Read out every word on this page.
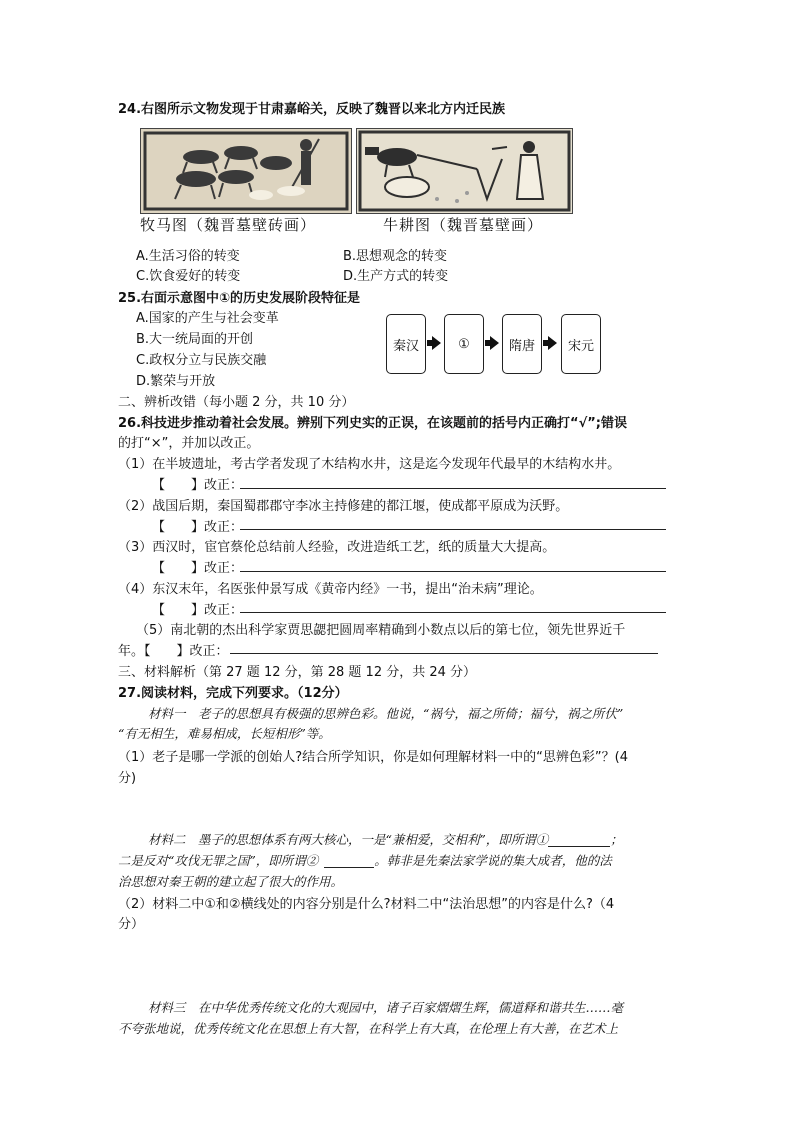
24.右图所示文物发现于甘肃嘉峪关，反映了魏晋以来北方内迁民族
牧马图（魏晋墓壁砖画）	牛耕图（魏晋墓壁画）
A.生活习俗的转变	B.思想观念的转变
C.饮食爱好的转变	D.生产方式的转变
25.右面示意图中①的历史发展阶段特征是
A.国家的产生与社会变革
B.大一统局面的开创
C.政权分立与民族交融
D.繁荣与开放
秦汉	①	隋唐	宋元
二、辨析改错（每小题 2 分，共 10 分）
26.科技进步推动着社会发展。辨别下列史实的正误，在该题前的括号内正确打“√”;错误
的打“×”，并加以改正。
（1）在半坡遗址，考古学者发现了木结构水井，这是迄今发现年代最早的木结构水井。
【　　】改正：
（2）战国后期，秦国蜀郡郡守李冰主持修建的都江堰，使成都平原成为沃野。
【　　】改正：
（3）西汉时，宦官蔡伦总结前人经验，改进造纸工艺，纸的质量大大提高。
【　　】改正：
（4）东汉末年，名医张仲景写成《黄帝内经》一书，提出“治未病”理论。
【　　】改正：
（5）南北朝的杰出科学家贾思勰把圆周率精确到小数点以后的第七位，领先世界近千
年。【　　】改正：
三、材料解析（第 27 题 12 分，第 28 题 12 分，共 24 分）
27.阅读材料，完成下列要求。（12分）
材料一　老子的思想具有极强的思辨色彩。他说，“祸兮，福之所倚；福兮，祸之所伏”
“有无相生，难易相成，长短相形”等。
（1）老子是哪一学派的创始人?结合所学知识，你是如何理解材料一中的“思辨色彩”？(4
分)
材料二　墨子的思想体系有两大核心，一是“兼相爱，交相利”，即所谓①	；
二是反对“攻伐无罪之国”，即所谓②	。韩非是先秦法家学说的集大成者，他的法
治思想对秦王朝的建立起了很大的作用。
（2）材料二中①和②横线处的内容分别是什么?材料二中“法治思想”的内容是什么?（4
分）
材料三　在中华优秀传统文化的大观园中，诸子百家熠熠生辉，儒道释和谐共生……毫
不夸张地说，优秀传统文化在思想上有大智，在科学上有大真，在伦理上有大善，在艺术上
